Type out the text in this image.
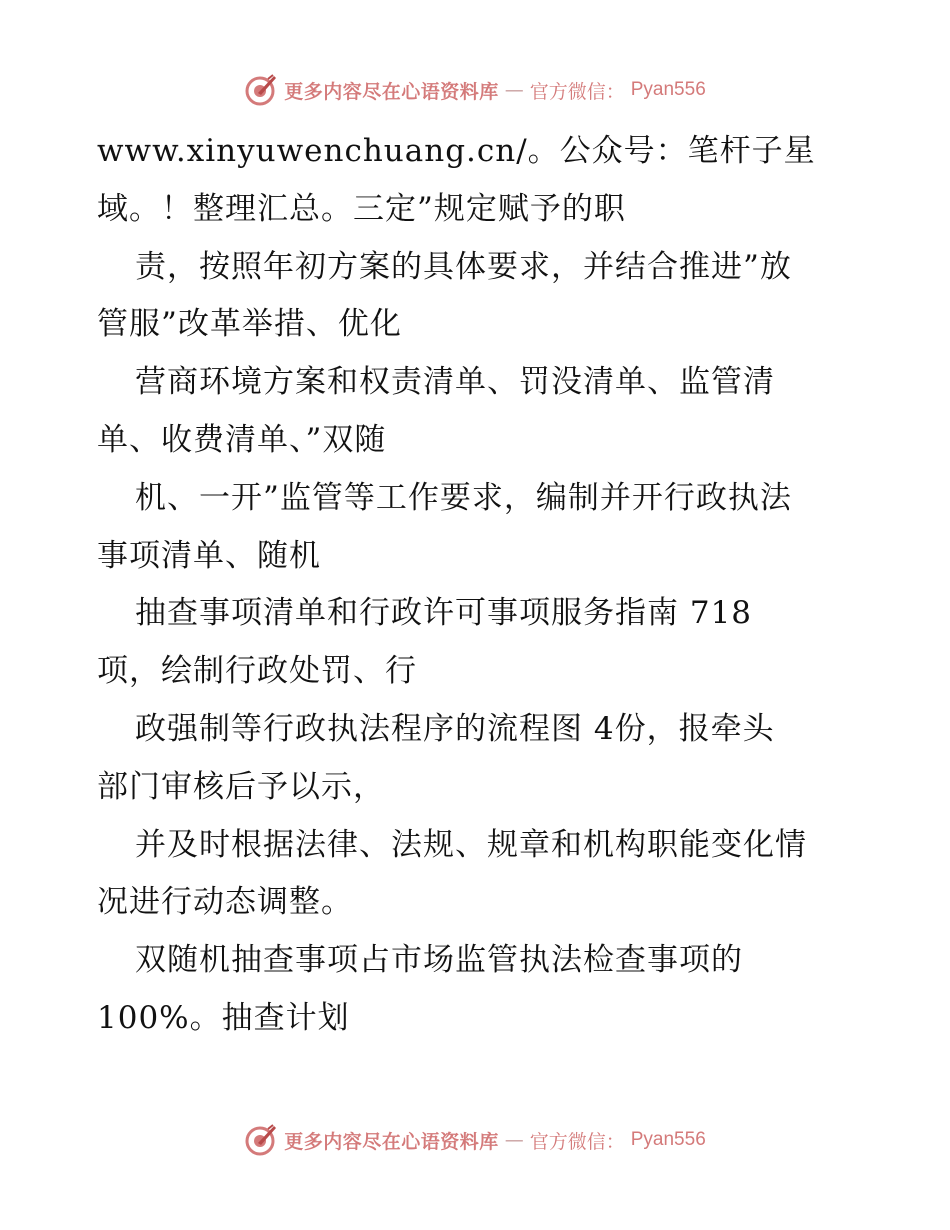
更多内容尽在心语资料库 — 官方微信： Pyan556
www.xinyuwenchuang.cn/。公众号：笔杆子星
域。！整理汇总。三定”规定赋予的职
责，按照年初方案的具体要求，并结合推进”放
管服”改革举措、优化
营商环境方案和权责清单、罚没清单、监管清
单、收费清单、”双随
机、一开”监管等工作要求，编制并开行政执法
事项清单、随机
抽查事项清单和行政许可事项服务指南 718
项，绘制行政处罚、行
政强制等行政执法程序的流程图 4份，报牵头
部门审核后予以示，
并及时根据法律、法规、规章和机构职能变化情
况进行动态调整。
双随机抽查事项占市场监管执法检查事项的
100%。抽查计划
更多内容尽在心语资料库 — 官方微信： Pyan556
